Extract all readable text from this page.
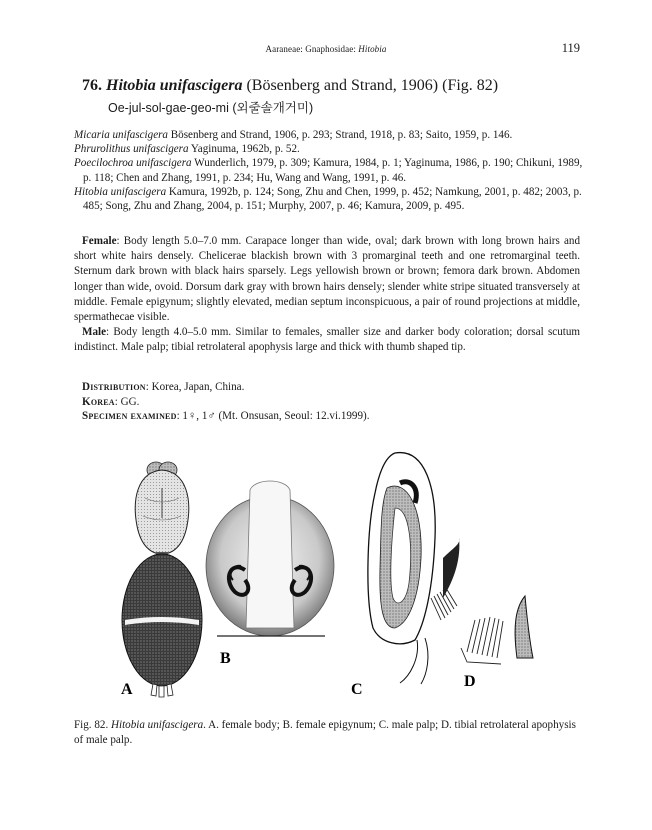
Aaraneae: Gnaphosidae: Hitobia	119
76. Hitobia unifascigera (Bösenberg and Strand, 1906) (Fig. 82)
Oe-jul-sol-gae-geo-mi (외줄솔개거미)
Micaria unifascigera Bösenberg and Strand, 1906, p. 293; Strand, 1918, p. 83; Saito, 1959, p. 146.
Phrurolithus unifascigera Yaginuma, 1962b, p. 52.
Poecilochroa unifascigera Wunderlich, 1979, p. 309; Kamura, 1984, p. 1; Yaginuma, 1986, p. 190; Chikuni, 1989, p. 118; Chen and Zhang, 1991, p. 234; Hu, Wang and Wang, 1991, p. 46.
Hitobia unifascigera Kamura, 1992b, p. 124; Song, Zhu and Chen, 1999, p. 452; Namkung, 2001, p. 482; 2003, p. 485; Song, Zhu and Zhang, 2004, p. 151; Murphy, 2007, p. 46; Kamura, 2009, p. 495.

Female: Body length 5.0–7.0 mm. Carapace longer than wide, oval; dark brown with long brown hairs and short white hairs densely. Chelicerae blackish brown with 3 promarginal teeth and one retromarginal teeth. Sternum dark brown with black hairs sparsely. Legs yellowish brown or brown; femora dark brown. Abdomen longer than wide, ovoid. Dorsum dark gray with brown hairs densely; slender white stripe situated transversely at middle. Female epigynum; slightly elevated, median septum inconspicuous, a pair of round projections at middle, spermathecae visible.

Male: Body length 4.0–5.0 mm. Similar to females, smaller size and darker body coloration; dorsal scutum indistinct. Male palp; tibial retrolateral apophysis large and thick with thumb shaped tip.

Distribution: Korea, Japan, China.
Korea: GG.
Specimen examined: 1♀, 1♂ (Mt. Onsusan, Seoul: 12.vi.1999).
A
B
C	D
Fig. 82. Hitobia unifascigera. A. female body; B. female epigynum; C. male palp; D. tibial retrolateral apophysis of male palp.
